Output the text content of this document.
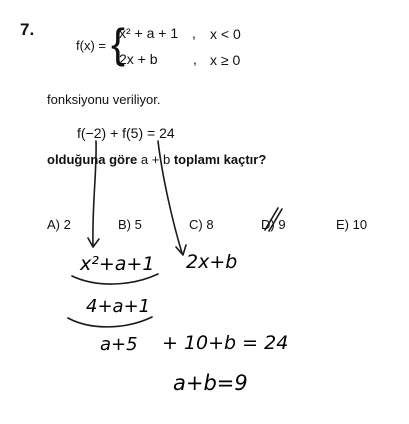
7.
f(x) = {
x² + a + 1 , x < 0
2x + b	, x ≥ 0
fonksiyonu veriliyor.
f(−2) + f(5) = 24
olduğuna göre a + b toplamı kaçtır?
A) 2	B) 5	C) 8	D) 9	E) 10
x²+a+1 2x+b
4+a+1
a+5 + 10+b = 24
a+b=9
